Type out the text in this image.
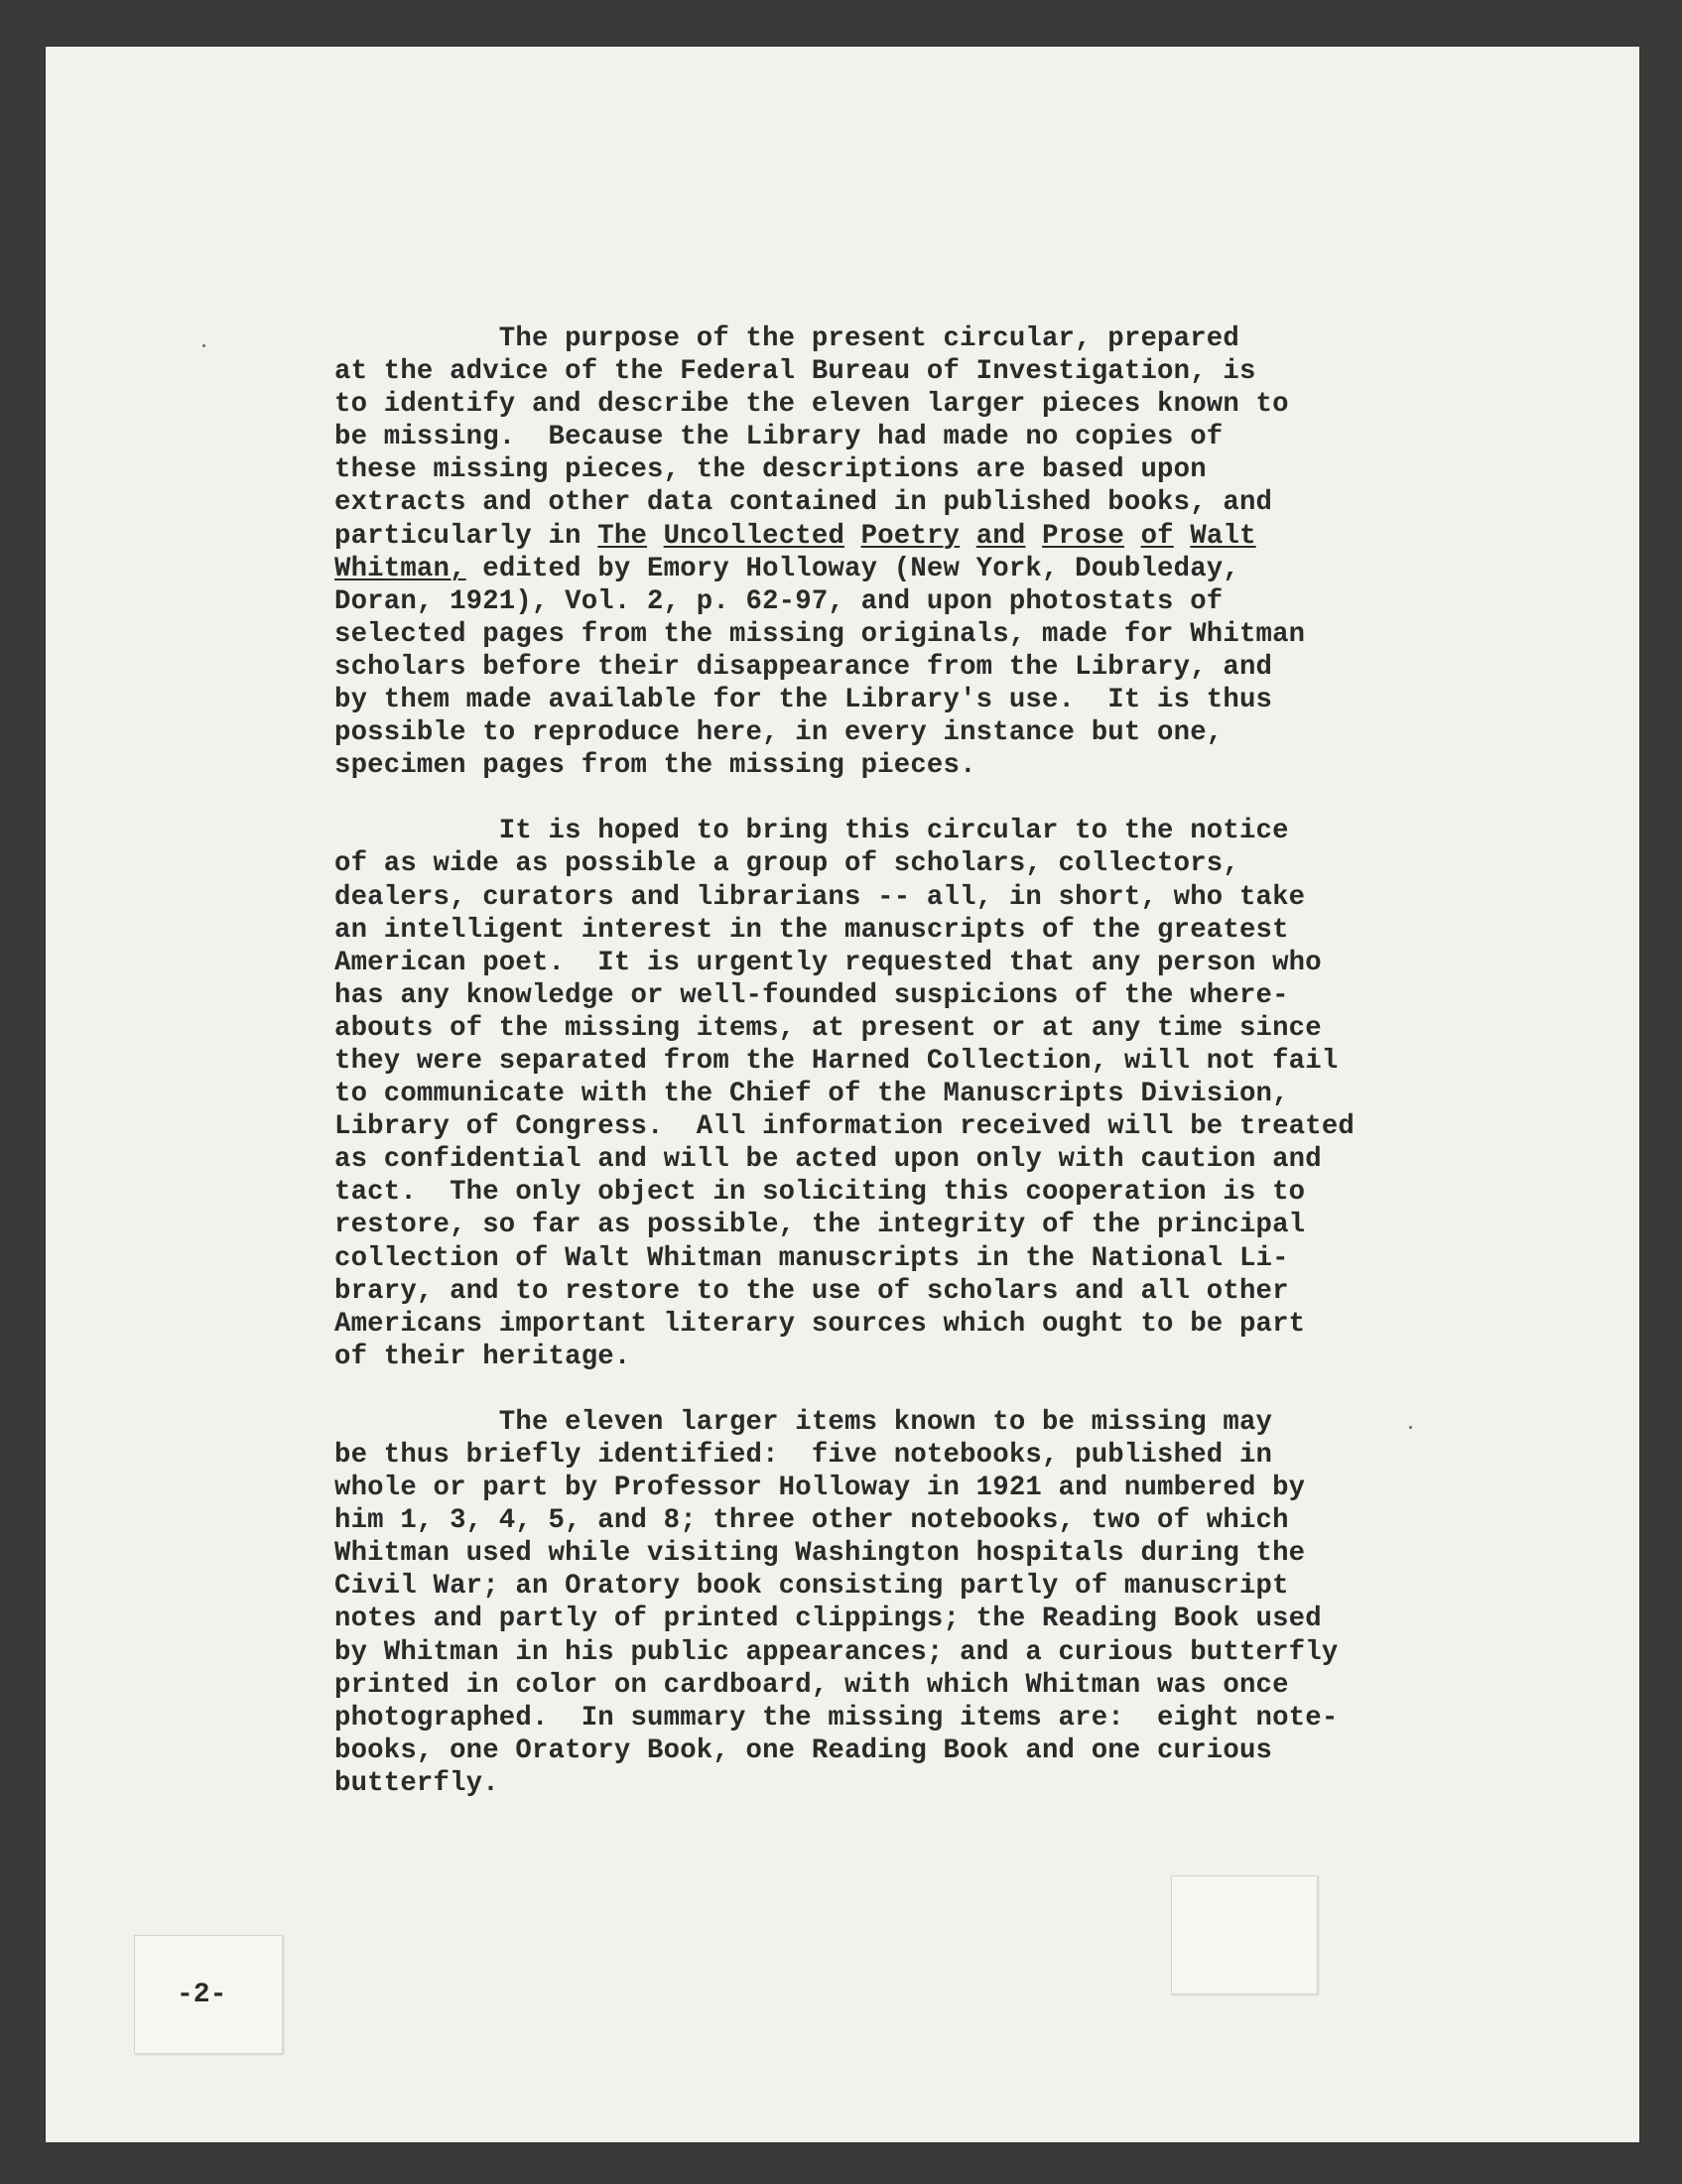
The purpose of the present circular, prepared
at the advice of the Federal Bureau of Investigation, is
to identify and describe the eleven larger pieces known to
be missing.  Because the Library had made no copies of
these missing pieces, the descriptions are based upon
extracts and other data contained in published books, and
particularly in The Uncollected Poetry and Prose of Walt
Whitman, edited by Emory Holloway (New York, Doubleday,
Doran, 1921), Vol. 2, p. 62-97, and upon photostats of
selected pages from the missing originals, made for Whitman
scholars before their disappearance from the Library, and
by them made available for the Library's use.  It is thus
possible to reproduce here, in every instance but one,
specimen pages from the missing pieces.

It is hoped to bring this circular to the notice
of as wide as possible a group of scholars, collectors,
dealers, curators and librarians -- all, in short, who take
an intelligent interest in the manuscripts of the greatest
American poet.  It is urgently requested that any person who
has any knowledge or well-founded suspicions of the where-
abouts of the missing items, at present or at any time since
they were separated from the Harned Collection, will not fail
to communicate with the Chief of the Manuscripts Division,
Library of Congress.  All information received will be treated
as confidential and will be acted upon only with caution and
tact.  The only object in soliciting this cooperation is to
restore, so far as possible, the integrity of the principal
collection of Walt Whitman manuscripts in the National Li-
brary, and to restore to the use of scholars and all other
Americans important literary sources which ought to be part
of their heritage.

The eleven larger items known to be missing may
be thus briefly identified:  five notebooks, published in
whole or part by Professor Holloway in 1921 and numbered by
him 1, 3, 4, 5, and 8; three other notebooks, two of which
Whitman used while visiting Washington hospitals during the
Civil War; an Oratory book consisting partly of manuscript
notes and partly of printed clippings; the Reading Book used
by Whitman in his public appearances; and a curious butterfly
printed in color on cardboard, with which Whitman was once
photographed.  In summary the missing items are:  eight note-
books, one Oratory Book, one Reading Book and one curious
butterfly.

-2-
